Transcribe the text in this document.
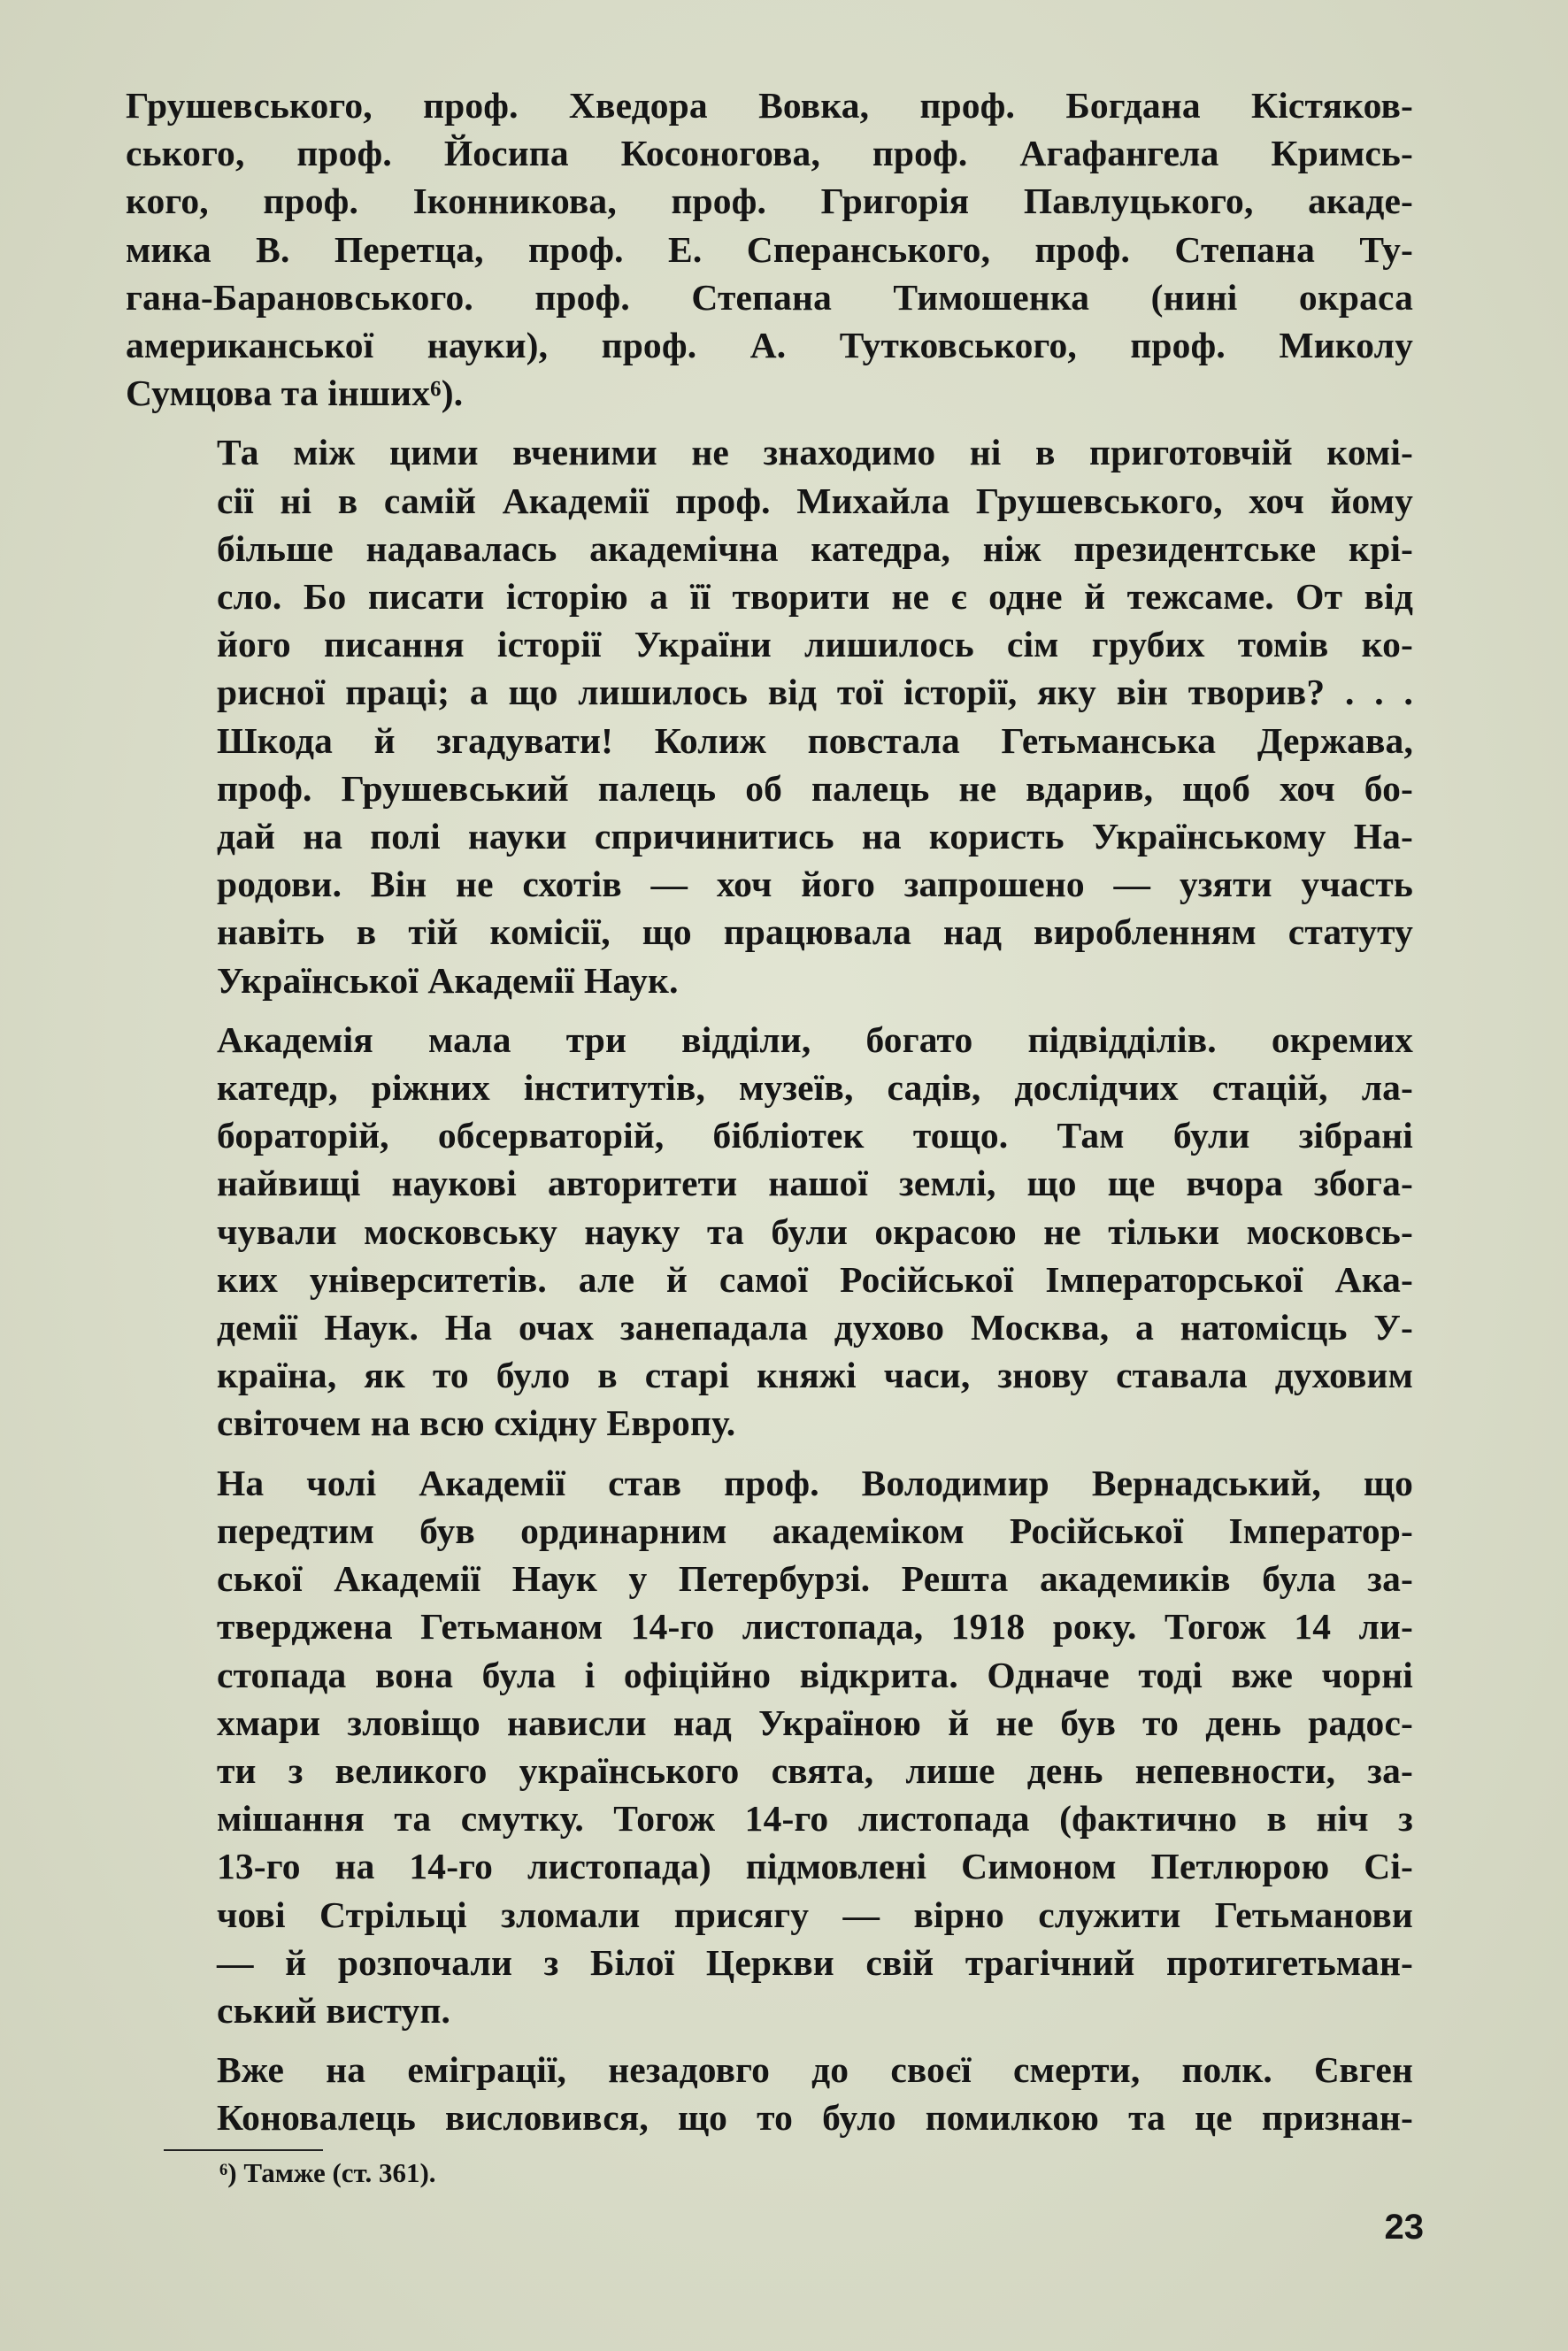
Грушевського, проф. Хведора Вовка, проф. Богдана Кістяков-
ського, проф. Йосипа Косоногова, проф. Агафангела Кримсь-
кого, проф. Іконникова, проф. Григорія Павлуцького, акаде-
мика В. Перетца, проф. Е. Сперанського, проф. Степана Ту-
гана-Барановського. проф. Степана Тимошенка (нині окраса
американської науки), проф. А. Тутковського, проф. Миколу
Сумцова та інших⁶).
Та між цими вченими не знаходимо ні в приготовчій комі-
сії ні в самій Академії проф. Михайла Грушевського, хоч йому
більше надавалась академічна катедра, ніж президентське крі-
сло. Бо писати історію а її творити не є одне й тежсаме. От від
його писання історії України лишилось сім грубих томів ко-
рисної праці; а що лишилось від тої історії, яку він творив? . . .
Шкода й згадувати! Колиж повстала Гетьманська Держава,
проф. Грушевський палець об палець не вдарив, щоб хоч бо-
дай на полі науки спричинитись на користь Українському На-
родови. Він не схотів — хоч його запрошено — узяти участь
навіть в тій комісії, що працювала над виробленням статуту
Української Академії Наук.
Академія мала три відділи, богато підвідділів. окремих
катедр, ріжних інститутів, музеїв, садів, дослідчих стацій, ла-
бораторій, обсерваторій, бібліотек тощо. Там були зібрані
найвищі наукові авторитети нашої землі, що ще вчора збога-
чували московську науку та були окрасою не тільки московсь-
ких університетів. але й самої Російської Імператорської Ака-
демії Наук. На очах занепадала духово Москва, а натомісць У-
країна, як то було в старі княжі часи, знову ставала духовим
світочем на всю східну Европу.
На чолі Академії став проф. Володимир Вернадський, що
передтим був ординарним академіком Російської Імператор-
ської Академії Наук у Петербурзі. Решта академиків була за-
тверджена Гетьманом 14-го листопада, 1918 року. Тогож 14 ли-
стопада вона була і офіційно відкрита. Одначе тоді вже чорні
хмари зловіщо нависли над Україною й не був то день радос-
ти з великого українського свята, лише день непевности, за-
мішання та смутку. Тогож 14-го листопада (фактично в ніч з
13-го на 14-го листопада) підмовлені Симоном Петлюрою Сі-
чові Стрільці зломали присягу — вірно служити Гетьманови
— й розпочали з Білої Церкви свій трагічний протигетьман-
ський виступ.
Вже на еміграції, незадовго до своєї смерти, полк. Євген
Коновалець висловився, що то було помилкою та це признан-
⁶) Тамже (ст. 361).
23
